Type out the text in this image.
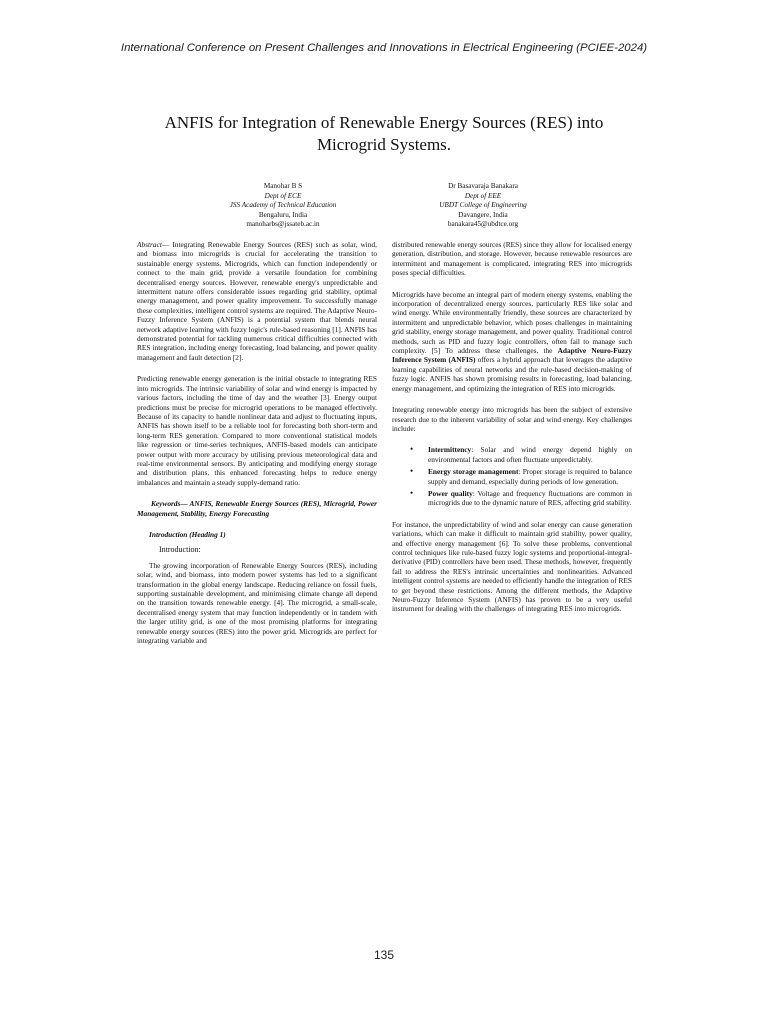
International Conference on Present Challenges and Innovations in Electrical Engineering (PCIEE-2024)
ANFIS for Integration of Renewable Energy Sources (RES) into
Microgrid Systems.
Manohar B S
Dept of ECE
JSS Academy of Technical Education
Bengaluru, India
manoharbs@jssateb.ac.in
Dr Basavaraja Banakara
Dept of EEE
UBDT College of Engineering
Davangere, India
banakara45@ubdtce.org

Abstract— Integrating Renewable Energy Sources (RES) such as solar, wind, and biomass into microgrids is crucial for accelerating the transition to sustainable energy systems. Microgrids, which can function independently or connect to the main grid, provide a versatile foundation for combining decentralised energy sources. However, renewable energy's unpredictable and intermittent nature offers considerable issues regarding grid stability, optimal energy management, and power quality improvement. To successfully manage these complexities, intelligent control systems are required. The Adaptive Neuro-Fuzzy Inference System (ANFIS) is a potential system that blends neural network adaptive learning with fuzzy logic's rule-based reasoning [1]. ANFIS has demonstrated potential for tackling numerous critical difficulties connected with RES integration, including energy forecasting, load balancing, and power quality management and fault detection [2].

Predicting renewable energy generation is the initial obstacle to integrating RES into microgrids. The intrinsic variability of solar and wind energy is impacted by various factors, including the time of day and the weather [3]. Energy output predictions must be precise for microgrid operations to be managed effectively. Because of its capacity to handle nonlinear data and adjust to fluctuating inputs, ANFIS has shown itself to be a reliable tool for forecasting both short-term and long-term RES generation. Compared to more conventional statistical models like regression or time-series techniques, ANFIS-based models can anticipate power output with more accuracy by utilising previous meteorological data and real-time environmental sensors. By anticipating and modifying energy storage and distribution plans, this enhanced forecasting helps to reduce energy imbalances and maintain a steady supply-demand ratio.

Keywords— ANFIS, Renewable Energy Sources (RES), Microgrid, Power Management, Stability, Energy Forecasting

Introduction (Heading 1)
Introduction:

The growing incorporation of Renewable Energy Sources (RES), including solar, wind, and biomass, into modern power systems has led to a significant transformation in the global energy landscape. Reducing reliance on fossil fuels, supporting sustainable development, and minimising climate change all depend on the transition towards renewable energy. [4]. The microgrid, a small-scale, decentralised energy system that may function independently or in tandem with the larger utility grid, is one of the most promising platforms for integrating renewable energy sources (RES) into the power grid. Microgrids are perfect for integrating variable and

distributed renewable energy sources (RES) since they allow for localised energy generation, distribution, and storage. However, because renewable resources are intermittent and management is complicated, integrating RES into microgrids poses special difficulties.

Microgrids have become an integral part of modern energy systems, enabling the incorporation of decentralized energy sources, particularly RES like solar and wind energy. While environmentally friendly, these sources are characterized by intermittent and unpredictable behavior, which poses challenges in maintaining grid stability, energy storage management, and power quality. Traditional control methods, such as PID and fuzzy logic controllers, often fail to manage such complexity. [5] To address these challenges, the Adaptive Neuro-Fuzzy Inference System (ANFIS) offers a hybrid approach that leverages the adaptive learning capabilities of neural networks and the rule-based decision-making of fuzzy logic. ANFIS has shown promising results in forecasting, load balancing, energy management, and optimizing the integration of RES into microgrids.

Integrating renewable energy into microgrids has been the subject of extensive research due to the inherent variability of solar and wind energy. Key challenges include:

• Intermittency: Solar and wind energy depend highly on environmental factors and often fluctuate unpredictably.
• Energy storage management: Proper storage is required to balance supply and demand, especially during periods of low generation.
• Power quality: Voltage and frequency fluctuations are common in microgrids due to the dynamic nature of RES, affecting grid stability.

For instance, the unpredictability of wind and solar energy can cause generation variations, which can make it difficult to maintain grid stability, power quality, and effective energy management [6]. To solve these problems, conventional control techniques like rule-based fuzzy logic systems and proportional-integral-derivative (PID) controllers have been used. These methods, however, frequently fail to address the RES's intrinsic uncertainties and nonlinearities. Advanced intelligent control systems are needed to efficiently handle the integration of RES to get beyond these restrictions. Among the different methods, the Adaptive Neuro-Fuzzy Inference System (ANFIS) has proven to be a very useful instrument for dealing with the challenges of integrating RES into microgrids.

135
